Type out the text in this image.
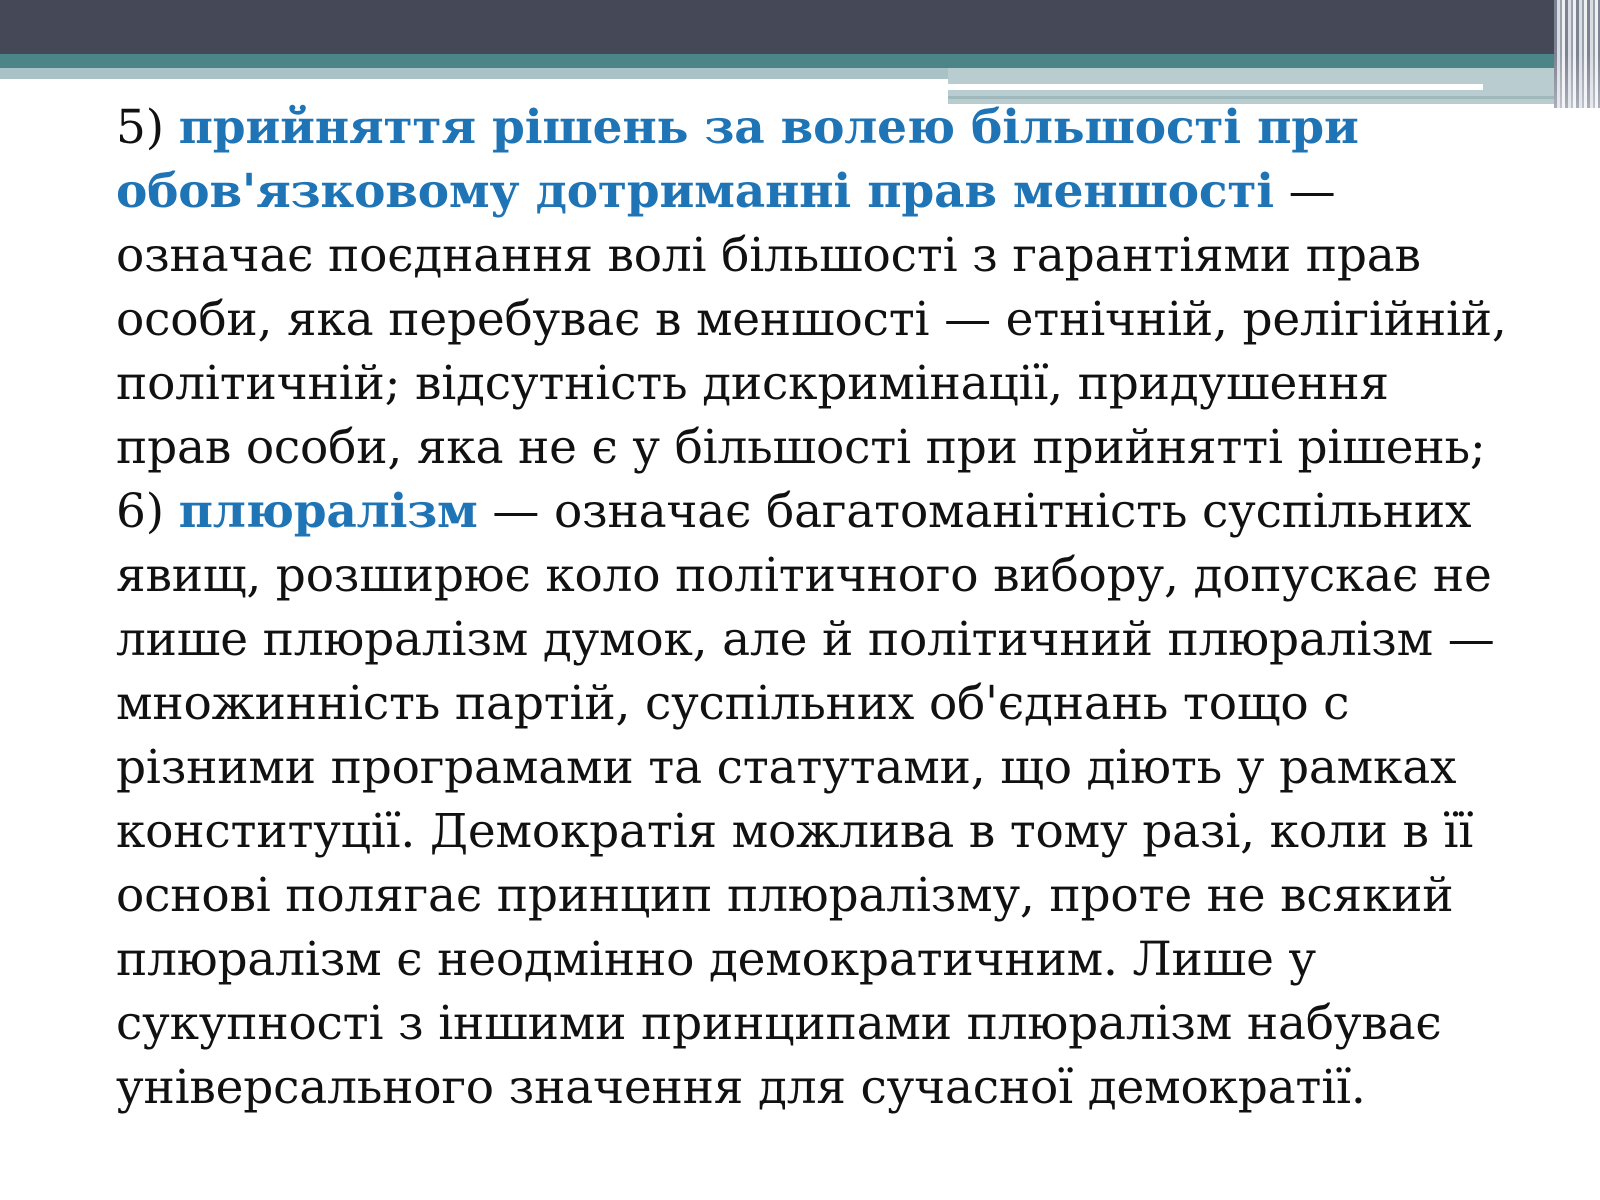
5) прийняття рішень за волею більшості при обов'язковому дотриманні прав меншості — означає поєднання волі більшості з гарантіями прав особи, яка перебуває в меншості — етнічній, релігійній, політичній; відсутність дискримінації, придушення прав особи, яка не є у більшості при прийнятті рішень;

6) плюралізм — означає багатоманітність суспільних явищ, розширює коло політичного вибору, допускає не лише плюралізм думок, але й політичний плюралізм — множинність партій, суспільних об'єднань тощо с різними програмами та статутами, що діють у рамках конституції. Демократія можлива в тому разі, коли в її основі полягає принцип плюралізму, проте не всякий плюралізм є неодмінно демократичним. Лише у сукупності з іншими принципами плюралізм набуває універсального значення для сучасної демократії.
